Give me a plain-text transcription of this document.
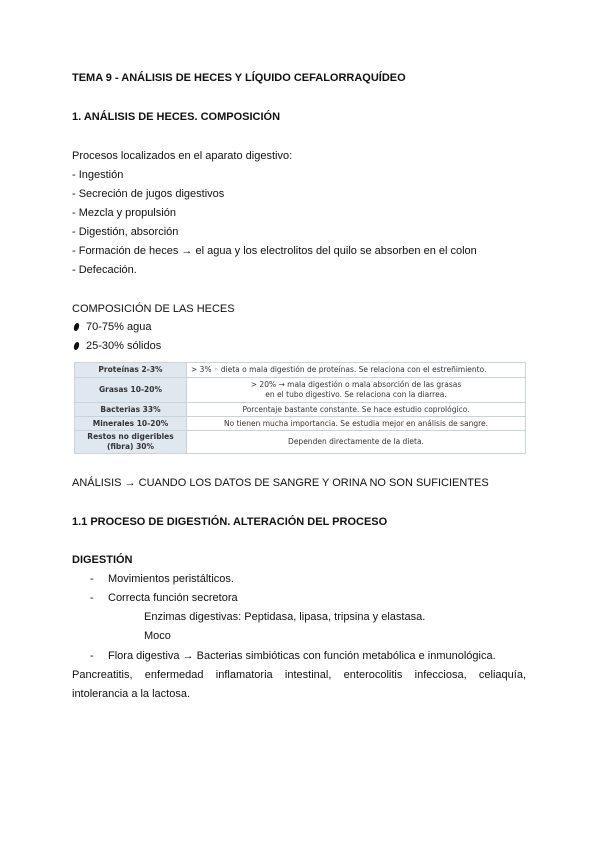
TEMA 9 - ANÁLISIS DE HECES Y LÍQUIDO CEFALORRAQUÍDEO
1. ANÁLISIS DE HECES. COMPOSICIÓN
Procesos localizados en el aparato digestivo:
- Ingestión
- Secreción de jugos digestivos
- Mezcla y propulsión
- Digestión, absorción
- Formación de heces → el agua y los electrolitos del quilo se absorben en el colon
- Defecación.
COMPOSICIÓN DE LAS HECES
70-75% agua
25-30% sólidos
Proteínas 2-3%	> 3% ◦ dieta o mala digestión de proteínas. Se relaciona con el estreñimiento.
Grasas 10-20%	> 20% → mala digestión o mala absorción de las grasas
en el tubo digestivo. Se relaciona con la diarrea.

Bacterias 33%	Porcentaje bastante constante. Se hace estudio coprológico.
Minerales 10-20%	No tienen mucha importancia. Se estudia mejor en análisis de sangre.

Restos no digeribles
(fibra) 30%	Dependen directamente de la dieta.
ANÁLISIS → CUANDO LOS DATOS DE SANGRE Y ORINA NO SON SUFICIENTES
1.1 PROCESO DE DIGESTIÓN. ALTERACIÓN DEL PROCESO
DIGESTIÓN
- Movimientos peristálticos.
- Correcta función secretora
Enzimas digestivas: Peptidasa, lipasa, tripsina y elastasa.
Moco
- Flora digestiva → Bacterias simbióticas con función metabólica e inmunológica.
Pancreatitis, enfermedad inflamatoria intestinal, enterocolitis infecciosa, celiaquía,
intolerancia a la lactosa.
